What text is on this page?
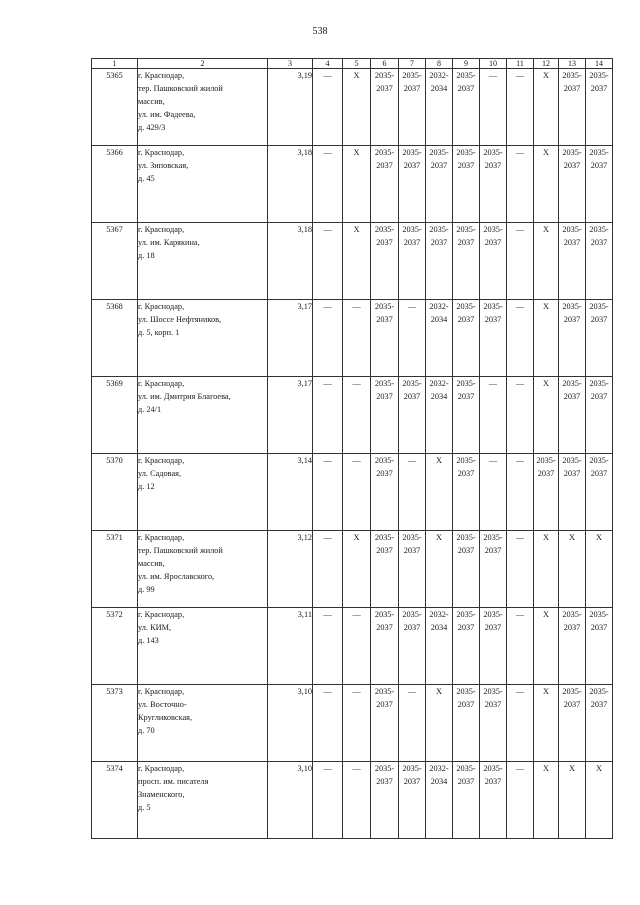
538
1	2	3	4	5	6	7	8	9	10	11	12	13	14
5365	г. Краснодар,
тер. Пашковский жилой
массив,
ул. им. Фадеева,
д. 429/3	3,19	—	X	2035-
2037	2035-
2037	2032-
2034	2035-
2037	—	—	X	2035-
2037	2035-
2037
5366	г. Краснодар,
ул. Зиповская,
д. 45	3,18	—	X	2035-
2037	2035-
2037	2035-
2037	2035-
2037	2035-
2037	—	X	2035-
2037	2035-
2037
5367	г. Краснодар,
ул. им. Карякина,
д. 18	3,18	—	X	2035-
2037	2035-
2037	2035-
2037	2035-
2037	2035-
2037	—	X	2035-
2037	2035-
2037
5368	г. Краснодар,
ул. Шоссе Нефтяников,
д. 5, корп. 1	3,17	—	—	2035-
2037	—	2032-
2034	2035-
2037	2035-
2037	—	X	2035-
2037	2035-
2037
5369	г. Краснодар,
ул. им. Дмитрия Благоева,
д. 24/1	3,17	—	—	2035-
2037	2035-
2037	2032-
2034	2035-
2037	—	—	X	2035-
2037	2035-
2037
5370	г. Краснодар,
ул. Садовая,
д. 12	3,14	—	—	2035-
2037	—	X	2035-
2037	—	—	2035-
2037	2035-
2037	2035-
2037
5371	г. Краснодар,
тер. Пашковский жилой
массив,
ул. им. Ярославского,
д. 99	3,12	—	X	2035-
2037	2035-
2037	X	2035-
2037	2035-
2037	—	X	X	X
5372	г. Краснодар,
ул. КИМ,
д. 143	3,11	—	—	2035-
2037	2035-
2037	2032-
2034	2035-
2037	2035-
2037	—	X	2035-
2037	2035-
2037
5373	г. Краснодар,
ул. Восточно-
Кругликовская,
д. 70	3,10	—	—	2035-
2037	—	X	2035-
2037	2035-
2037	—	X	2035-
2037	2035-
2037
5374	г. Краснодар,
просп. им. писателя
Знаменского,
д. 5	3,10	—	—	2035-
2037	2035-
2037	2032-
2034	2035-
2037	2035-
2037	—	X	X	X
